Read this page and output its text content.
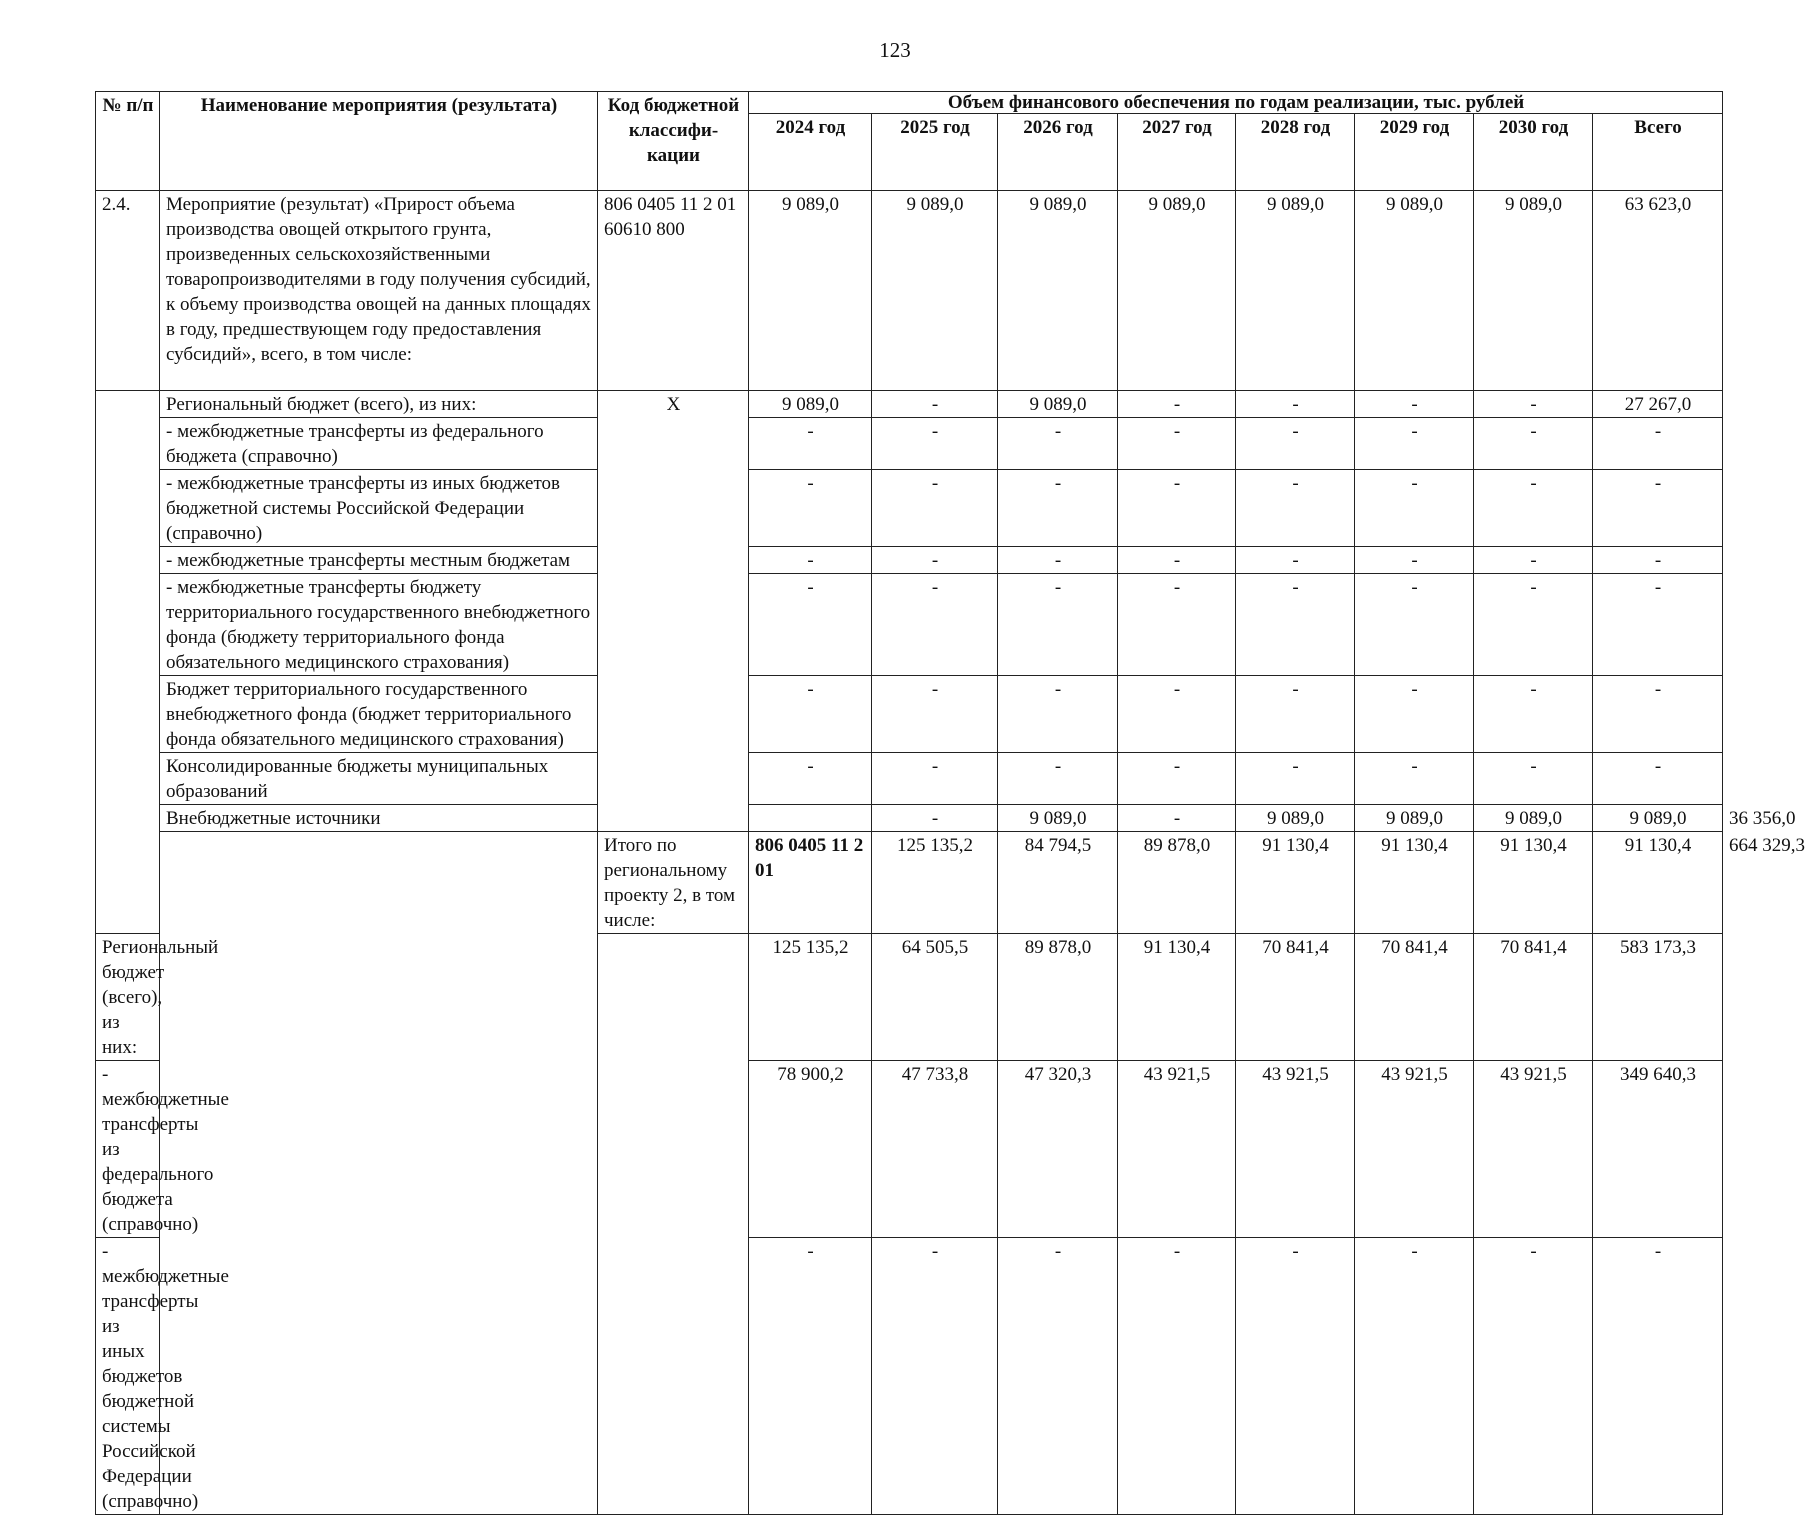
123
№ п/п	Наименование мероприятия (результата)	Код бюджетной классифи-кации	Объем финансового обеспечения по годам реализации, тыс. рублей								
			2024 год	2025 год	2026 год	2027 год	2028 год	2029 год	2030 год	Всего	
2.4.	Мероприятие (результат) «Прирост объема производства овощей открытого грунта, произведенных сельскохозяйственными товаропроизводителями в году получения субсидий, к объему производства овощей на данных площадях в году, предшествующем году предоставления субсидий», всего, в том числе:	806 0405 11 2 01 60610 800	9 089,0	9 089,0	9 089,0	9 089,0	9 089,0	9 089,0	9 089,0	63 623,0	
	Региональный бюджет (всего), из них:	X	9 089,0	-	9 089,0	-	-	-	-	27 267,0	
	- межбюджетные трансферты из федерального бюджета (справочно)		-	-	-	-	-	-	-	-	
	- межбюджетные трансферты из иных бюджетов бюджетной системы Российской Федерации (справочно)		-	-	-	-	-	-	-	-	
	- межбюджетные трансферты местным бюджетам		-	-	-	-	-	-	-	-	
	- межбюджетные трансферты бюджету территориального государственного внебюджетного фонда (бюджету территориального фонда обязательного медицинского страхования)		-	-	-	-	-	-	-	-	
	Бюджет территориального государственного внебюджетного фонда (бюджет территориального фонда обязательного медицинского страхования)		-	-	-	-	-	-	-	-	
	Консолидированные бюджеты муниципальных образований		-	-	-	-	-	-	-	-	
	Внебюджетные источники			-	9 089,0	-	9 089,0	9 089,0	9 089,0	9 089,0	36 356,0
		Итого по региональному проекту 2, в том числе:	806 0405 11 2 01	125 135,2	84 794,5	89 878,0	91 130,4	91 130,4	91 130,4	91 130,4	664 329,3
Региональный бюджет (всего), из них:			125 135,2	64 505,5	89 878,0	91 130,4	70 841,4	70 841,4	70 841,4	583 173,3	
- межбюджетные трансферты из федерального бюджета (справочно)			78 900,2	47 733,8	47 320,3	43 921,5	43 921,5	43 921,5	43 921,5	349 640,3	
- межбюджетные трансферты из иных бюджетов бюджетной системы Российской Федерации (справочно)			-	-	-	-	-	-	-	-	
